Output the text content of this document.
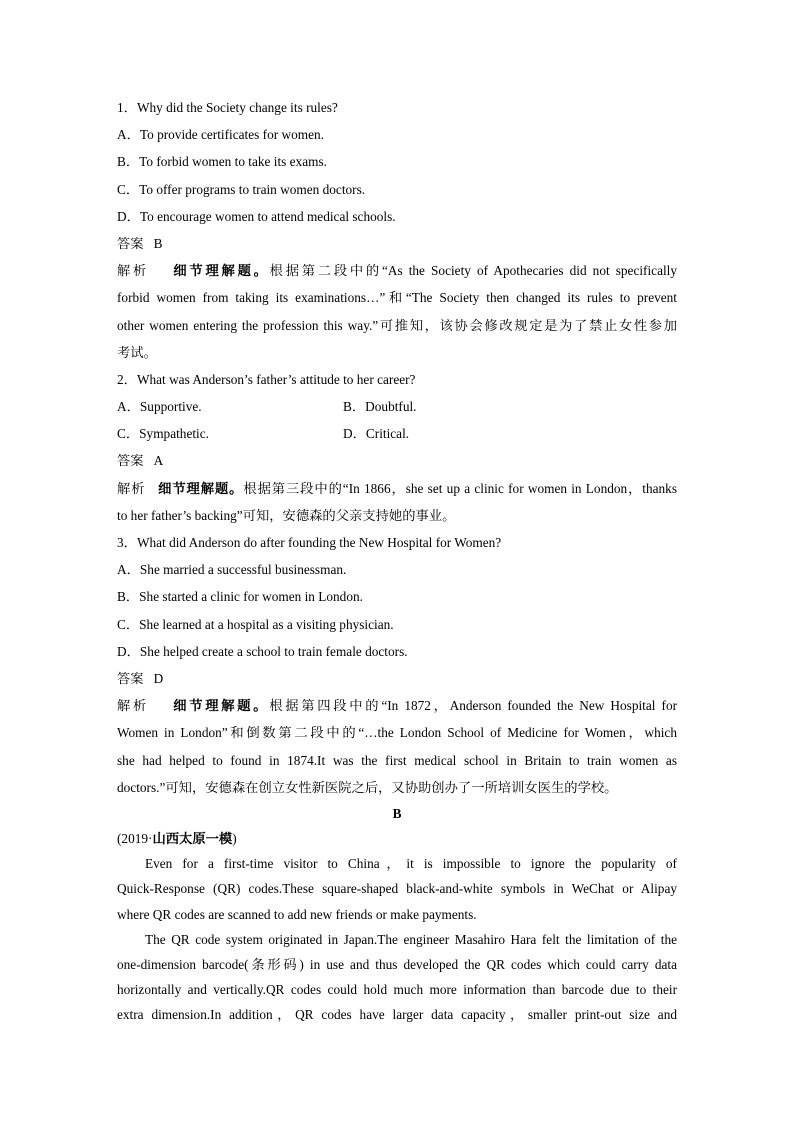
1．Why did the Society change its rules?
A．To provide certificates for women.
B．To forbid women to take its exams.
C．To offer programs to train women doctors.
D．To encourage women to attend medical schools.
答案 B
解析 细节理解题。根据第二段中的“As the Society of Apothecaries did not specifically
forbid women from taking its examinations…”和“The Society then changed its rules to prevent
other women entering the profession this way.”可推知，该协会修改规定是为了禁止女性参加
考试。
2．What was Anderson’s father’s attitude to her career?
A．Supportive.	B．Doubtful.
C．Sympathetic.	D．Critical.
答案 A
解析 细节理解题。根据第三段中的“In 1866，she set up a clinic for women in London，thanks
to her father’s backing”可知，安德森的父亲支持她的事业。
3．What did Anderson do after founding the New Hospital for Women?
A．She married a successful businessman.
B．She started a clinic for women in London.
C．She learned at a hospital as a visiting physician.
D．She helped create a school to train female doctors.
答案 D
解析 细节理解题。根据第四段中的“In 1872，Anderson founded the New Hospital for
Women in London”和倒数第二段中的“…the London School of Medicine for Women，which
she had helped to found in 1874.It was the first medical school in Britain to train women as
doctors.”可知，安德森在创立女性新医院之后，又协助创办了一所培训女医生的学校。
B
(2019·山西太原一模)
Even for a first-time visitor to China，it is impossible to ignore the popularity of
Quick-Response (QR) codes.These square-shaped black-and-white symbols in WeChat or Alipay
where QR codes are scanned to add new friends or make payments.
The QR code system originated in Japan.The engineer Masahiro Hara felt the limitation of the
one-dimension barcode(条形码) in use and thus developed the QR codes which could carry data
horizontally and vertically.QR codes could hold much more information than barcode due to their
extra dimension.In addition，QR codes have larger data capacity，smaller print-out size and
